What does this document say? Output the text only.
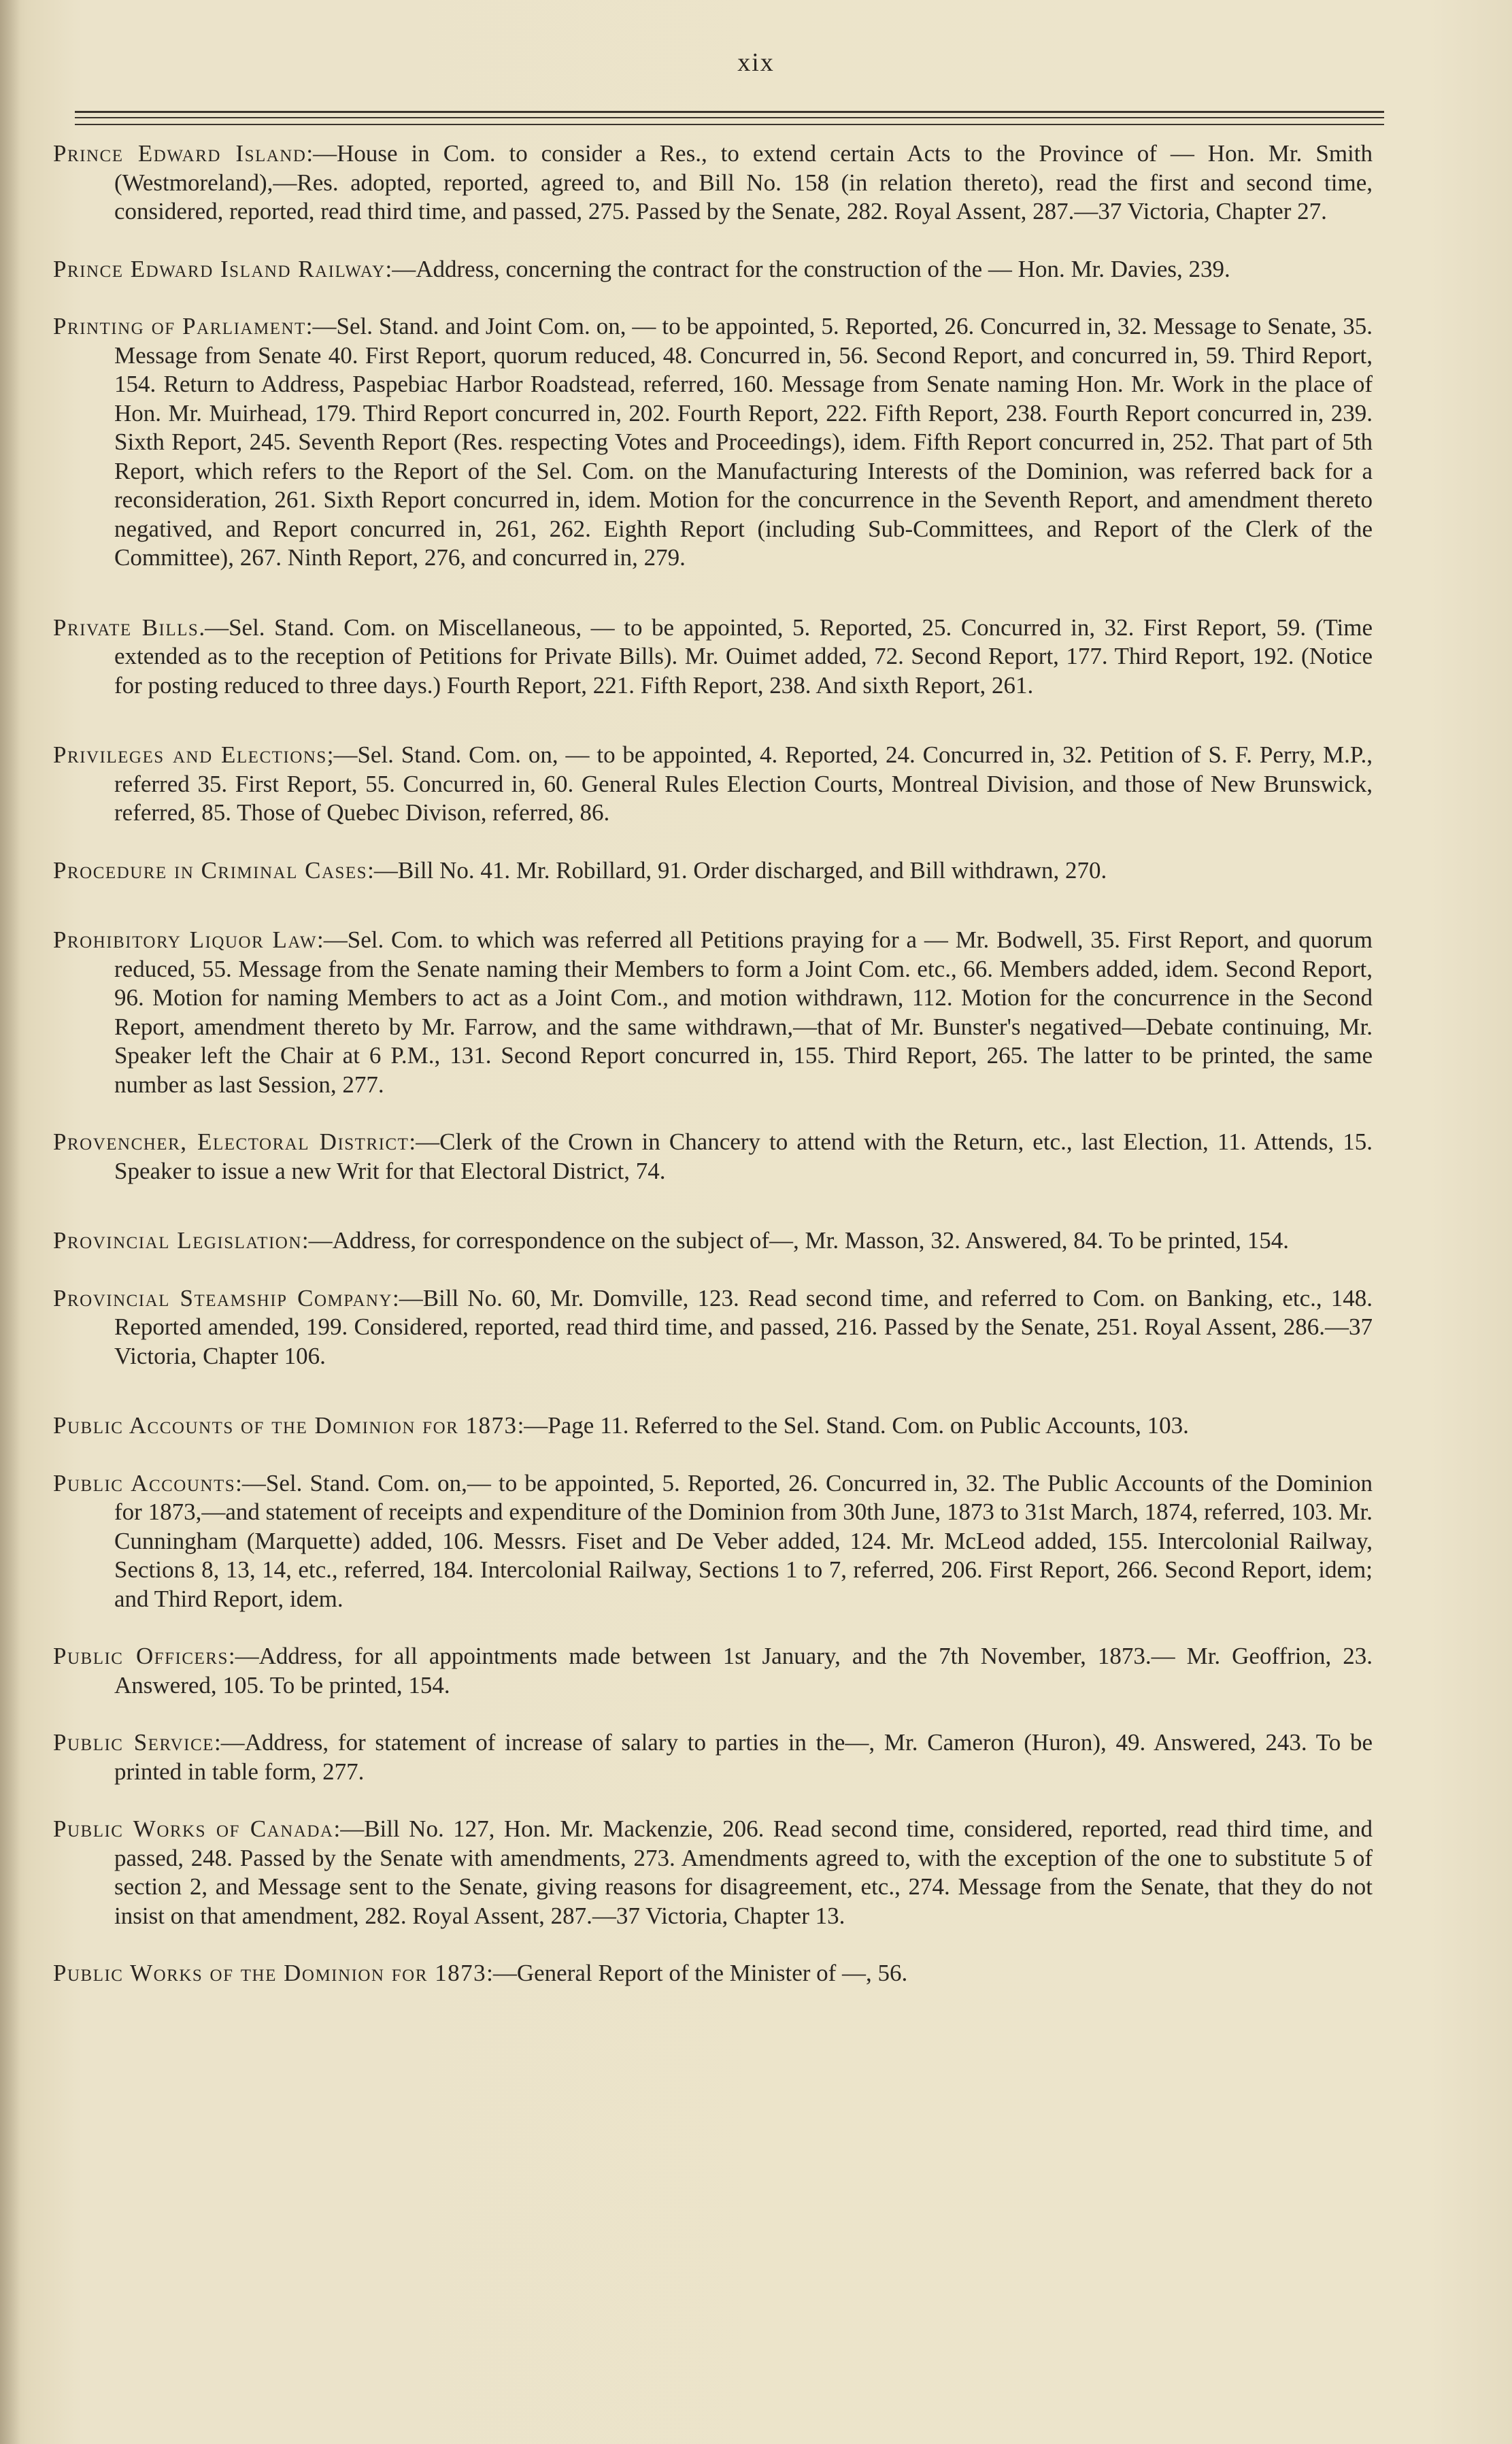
xix

Prince Edward Island:—House in Com. to consider a Res., to extend certain Acts to the Province of — Hon. Mr. Smith (Westmoreland),—Res. adopted, reported, agreed to, and Bill No. 158 (in relation thereto), read the first and second time, considered, reported, read third time, and passed, 275. Passed by the Senate, 282. Royal Assent, 287.—37 Victoria, Chapter 27.

Prince Edward Island Railway:—Address, concerning the contract for the construction of the — Hon. Mr. Davies, 239.

Printing of Parliament:—Sel. Stand. and Joint Com. on, — to be appointed, 5. Reported, 26. Concurred in, 32. Message to Senate, 35. Message from Senate 40. First Report, quorum reduced, 48. Concurred in, 56. Second Report, and concurred in, 59. Third Report, 154. Return to Address, Paspebiac Harbor Roadstead, referred, 160. Message from Senate naming Hon. Mr. Work in the place of Hon. Mr. Muirhead, 179. Third Report concurred in, 202. Fourth Report, 222. Fifth Report, 238. Fourth Report concurred in, 239. Sixth Report, 245. Seventh Report (Res. respecting Votes and Proceedings), idem. Fifth Report concurred in, 252. That part of 5th Report, which refers to the Report of the Sel. Com. on the Manufacturing Interests of the Dominion, was referred back for a reconsideration, 261. Sixth Report concurred in, idem. Motion for the concurrence in the Seventh Report, and amendment thereto negatived, and Report concurred in, 261, 262. Eighth Report (including Sub-Committees, and Report of the Clerk of the Committee), 267. Ninth Report, 276, and concurred in, 279.

Private Bills.—Sel. Stand. Com. on Miscellaneous, — to be appointed, 5. Reported, 25. Concurred in, 32. First Report, 59. (Time extended as to the reception of Petitions for Private Bills). Mr. Ouimet added, 72. Second Report, 177. Third Report, 192. (Notice for posting reduced to three days.) Fourth Report, 221. Fifth Report, 238. And sixth Report, 261.

Privileges and Elections;—Sel. Stand. Com. on, — to be appointed, 4. Reported, 24. Concurred in, 32. Petition of S. F. Perry, M.P., referred 35. First Report, 55. Concurred in, 60. General Rules Election Courts, Montreal Division, and those of New Brunswick, referred, 85. Those of Quebec Divison, referred, 86.

Procedure in Criminal Cases:—Bill No. 41. Mr. Robillard, 91. Order discharged, and Bill withdrawn, 270.

Prohibitory Liquor Law:—Sel. Com. to which was referred all Petitions praying for a — Mr. Bodwell, 35. First Report, and quorum reduced, 55. Message from the Senate naming their Members to form a Joint Com. etc., 66. Members added, idem. Second Report, 96. Motion for naming Members to act as a Joint Com., and motion withdrawn, 112. Motion for the concurrence in the Second Report, amendment thereto by Mr. Farrow, and the same withdrawn,—that of Mr. Bunster's negatived—Debate continuing, Mr. Speaker left the Chair at 6 P.M., 131. Second Report concurred in, 155. Third Report, 265. The latter to be printed, the same number as last Session, 277.

Provencher, Electoral District:—Clerk of the Crown in Chancery to attend with the Return, etc., last Election, 11. Attends, 15. Speaker to issue a new Writ for that Electoral District, 74.

Provincial Legislation:—Address, for correspondence on the subject of—, Mr. Masson, 32. Answered, 84. To be printed, 154.

Provincial Steamship Company:—Bill No. 60, Mr. Domville, 123. Read second time, and referred to Com. on Banking, etc., 148. Reported amended, 199. Considered, reported, read third time, and passed, 216. Passed by the Senate, 251. Royal Assent, 286.—37 Victoria, Chapter 106.

Public Accounts of the Dominion for 1873:—Page 11. Referred to the Sel. Stand. Com. on Public Accounts, 103.

Public Accounts:—Sel. Stand. Com. on,— to be appointed, 5. Reported, 26. Concurred in, 32. The Public Accounts of the Dominion for 1873,—and statement of receipts and expenditure of the Dominion from 30th June, 1873 to 31st March, 1874, referred, 103. Mr. Cunningham (Marquette) added, 106. Messrs. Fiset and De Veber added, 124. Mr. McLeod added, 155. Intercolonial Railway, Sections 8, 13, 14, etc., referred, 184. Intercolonial Railway, Sections 1 to 7, referred, 206. First Report, 266. Second Report, idem; and Third Report, idem.

Public Officers:—Address, for all appointments made between 1st January, and the 7th November, 1873.— Mr. Geoffrion, 23. Answered, 105. To be printed, 154.

Public Service:—Address, for statement of increase of salary to parties in the—, Mr. Cameron (Huron), 49. Answered, 243. To be printed in table form, 277.

Public Works of Canada:—Bill No. 127, Hon. Mr. Mackenzie, 206. Read second time, considered, reported, read third time, and passed, 248. Passed by the Senate with amendments, 273. Amendments agreed to, with the exception of the one to substitute 5 of section 2, and Message sent to the Senate, giving reasons for disagreement, etc., 274. Message from the Senate, that they do not insist on that amendment, 282. Royal Assent, 287.—37 Victoria, Chapter 13.

Public Works of the Dominion for 1873:—General Report of the Minister of —, 56.
